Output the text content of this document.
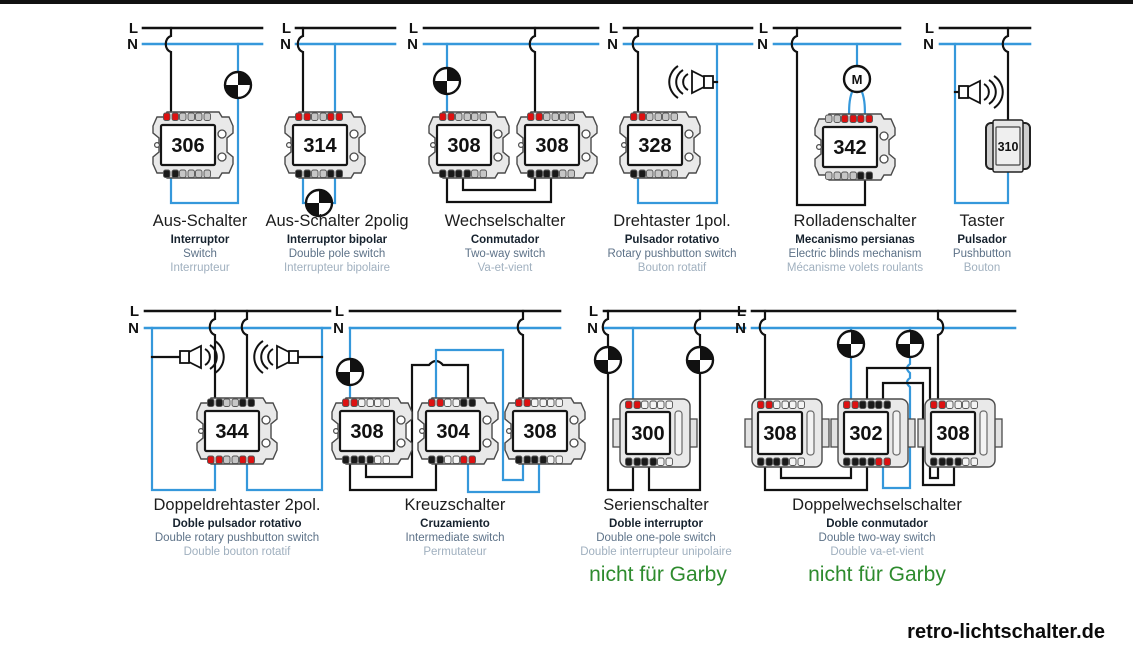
L
N
306
Aus-Schalter
Interruptor
Switch
Interrupteur
L
N
314
Aus-Schalter 2polig
Interruptor bipolar
Double pole switch
Interrupteur bipolaire
L
N
308	308
Wechselschalter
Conmutador
Two-way switch
Va-et-vient
L
N
328
Drehtaster 1pol.
Pulsador rotativo
Rotary pushbutton switch
Bouton rotatif
L
N
M
342
Rolladenschalter
Mecanismo persianas
Electric blinds mechanism
Mécanisme volets roulants
L
N
310
Taster
Pulsador
Pushbutton
Bouton
L
N
344
Doppeldrehtaster 2pol.
Doble pulsador rotativo
Double rotary pushbutton switch
Double bouton rotatif
L
N
308	304	308
Kreuzschalter
Cruzamiento
Intermediate switch
Permutateur
L
N
300
Serienschalter
Doble interruptor
Double one-pole switch
Double interrupteur unipolaire
nicht für Garby
L
N
308	302	308
Doppelwechselschalter
Doble conmutador
Double two-way switch
Double va-et-vient
nicht für Garby
retro-lichtschalter.de
